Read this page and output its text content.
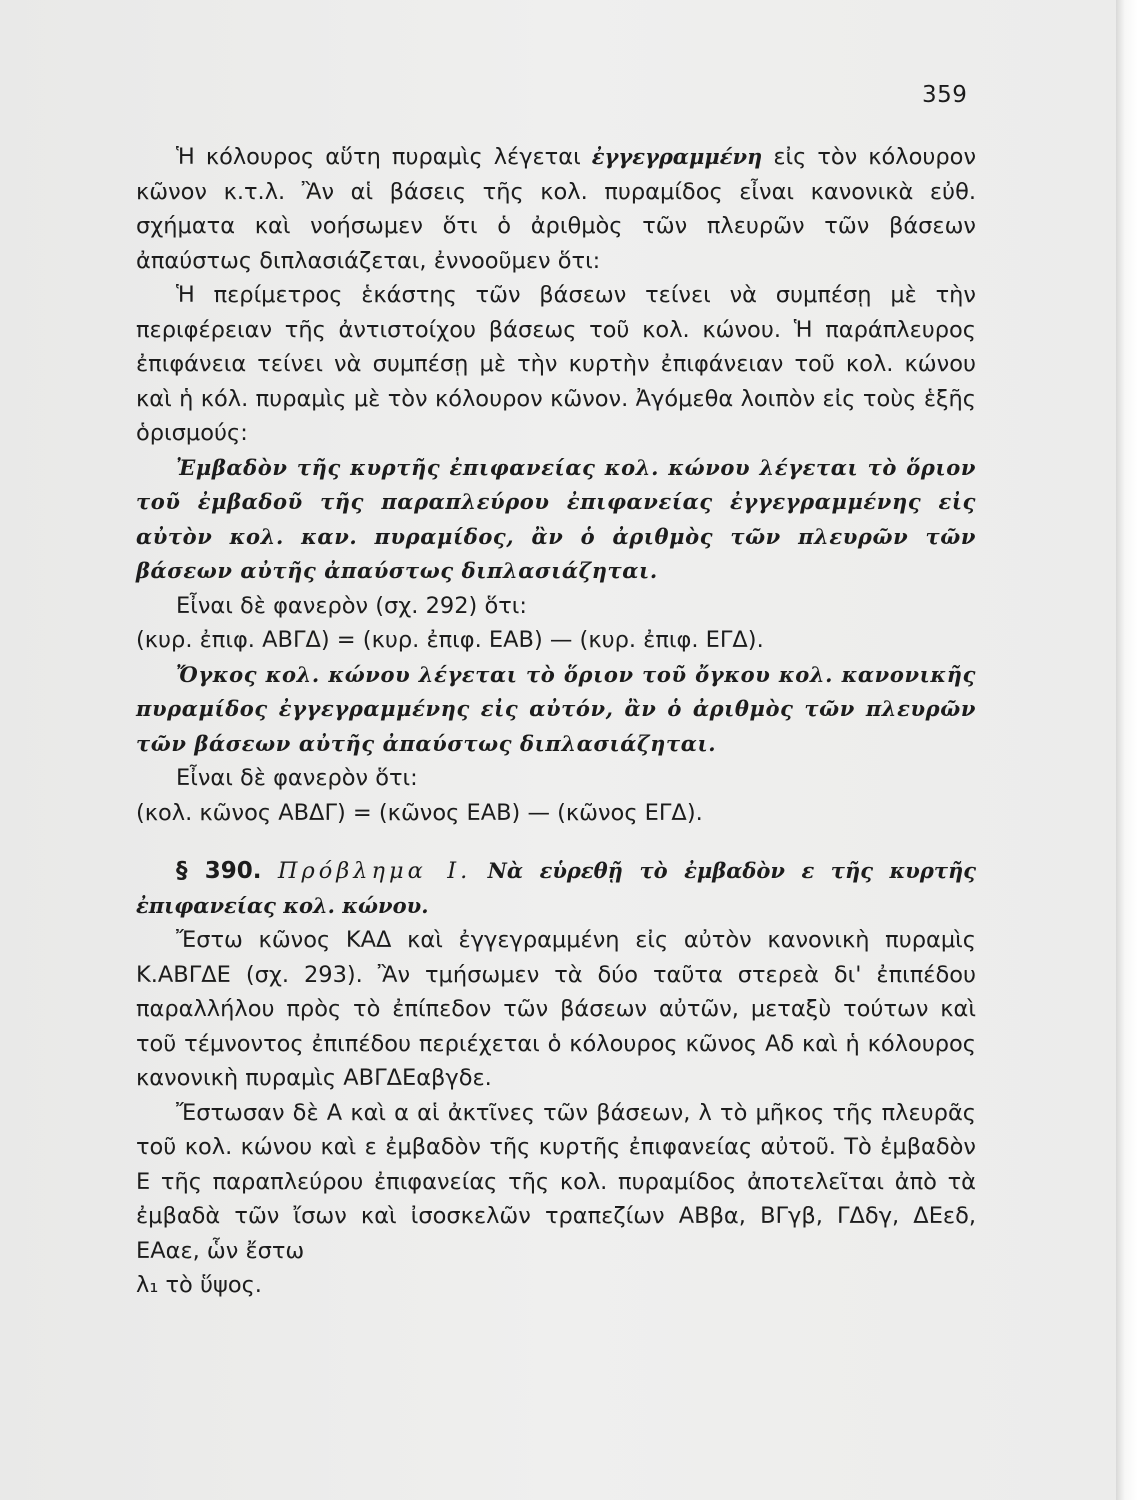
359

Ἡ κόλουρος αὕτη πυραμὶς λέγεται ἐγγεγραμμένη εἰς τὸν κόλουρον κῶνον κ.τ.λ. Ἂν αἱ βάσεις τῆς κολ. πυραμίδος εἶναι κανονικὰ εὐθ. σχήματα καὶ νοήσωμεν ὅτι ὁ ἀριθμὸς τῶν πλευρῶν τῶν βάσεων ἀπαύστως διπλασιάζεται, ἐννοοῦμεν ὅτι:

Ἡ περίμετρος ἑκάστης τῶν βάσεων τείνει νὰ συμπέσῃ μὲ τὴν περιφέρειαν τῆς ἀντιστοίχου βάσεως τοῦ κολ. κώνου. Ἡ παράπλευρος ἐπιφάνεια τείνει νὰ συμπέσῃ μὲ τὴν κυρτὴν ἐπιφάνειαν τοῦ κολ. κώνου καὶ ἡ κόλ. πυραμὶς μὲ τὸν κόλουρον κῶνον. Ἀγόμεθα λοιπὸν εἰς τοὺς ἑξῆς ὁρισμούς:

Ἐμβαδὸν τῆς κυρτῆς ἐπιφανείας κολ. κώνου λέγεται τὸ ὅριον τοῦ ἐμβαδοῦ τῆς παραπλεύρου ἐπιφανείας ἐγγεγραμμένης εἰς αὐτὸν κολ. καν. πυραμίδος, ἂν ὁ ἀριθμὸς τῶν πλευρῶν τῶν βάσεων αὐτῆς ἀπαύστως διπλασιάζηται.

Εἶναι δὲ φανερὸν (σχ. 292) ὅτι:

(κυρ. ἐπιφ. ΑΒΓΔ) = (κυρ. ἐπιφ. ΕΑΒ) — (κυρ. ἐπιφ. ΕΓΔ).

Ὄγκος κολ. κώνου λέγεται τὸ ὅριον τοῦ ὄγκου κολ. κανονικῆς πυραμίδος ἐγγεγραμμένης εἰς αὐτόν, ἂν ὁ ἀριθμὸς τῶν πλευρῶν τῶν βάσεων αὐτῆς ἀπαύστως διπλασιάζηται.

Εἶναι δὲ φανερὸν ὅτι:

(κολ. κῶνος ΑΒΔΓ) = (κῶνος ΕΑΒ) — (κῶνος ΕΓΔ).

§ 390. Πρόβλημα Ι. Νὰ εὑρεθῇ τὸ ἐμβαδὸν ε τῆς κυρτῆς ἐπιφανείας κολ. κώνου.

Ἔστω κῶνος ΚΑΔ καὶ ἐγγεγραμμένη εἰς αὐτὸν κανονικὴ πυραμὶς Κ.ΑΒΓΔΕ (σχ. 293). Ἂν τμήσωμεν τὰ δύο ταῦτα στερεὰ δι' ἐπιπέδου παραλλήλου πρὸς τὸ ἐπίπεδον τῶν βάσεων αὐτῶν, μεταξὺ τούτων καὶ τοῦ τέμνοντος ἐπιπέδου περιέχεται ὁ κόλουρος κῶνος Αδ καὶ ἡ κόλουρος κανονικὴ πυραμὶς ΑΒΓΔΕαβγδε.

Ἔστωσαν δὲ Α καὶ α αἱ ἀκτῖνες τῶν βάσεων, λ τὸ μῆκος τῆς πλευρᾶς τοῦ κολ. κώνου καὶ ε ἐμβαδὸν τῆς κυρτῆς ἐπιφανείας αὐτοῦ. Τὸ ἐμβαδὸν Ε τῆς παραπλεύρου ἐπιφανείας τῆς κολ. πυραμίδος ἀποτελεῖται ἀπὸ τὰ ἐμβαδὰ τῶν ἴσων καὶ ἰσοσκελῶν τραπεζίων ΑΒβα, ΒΓγβ, ΓΔδγ, ΔΕεδ, ΕΑαε, ὧν ἔστω

λ₁ τὸ ὕψος.
